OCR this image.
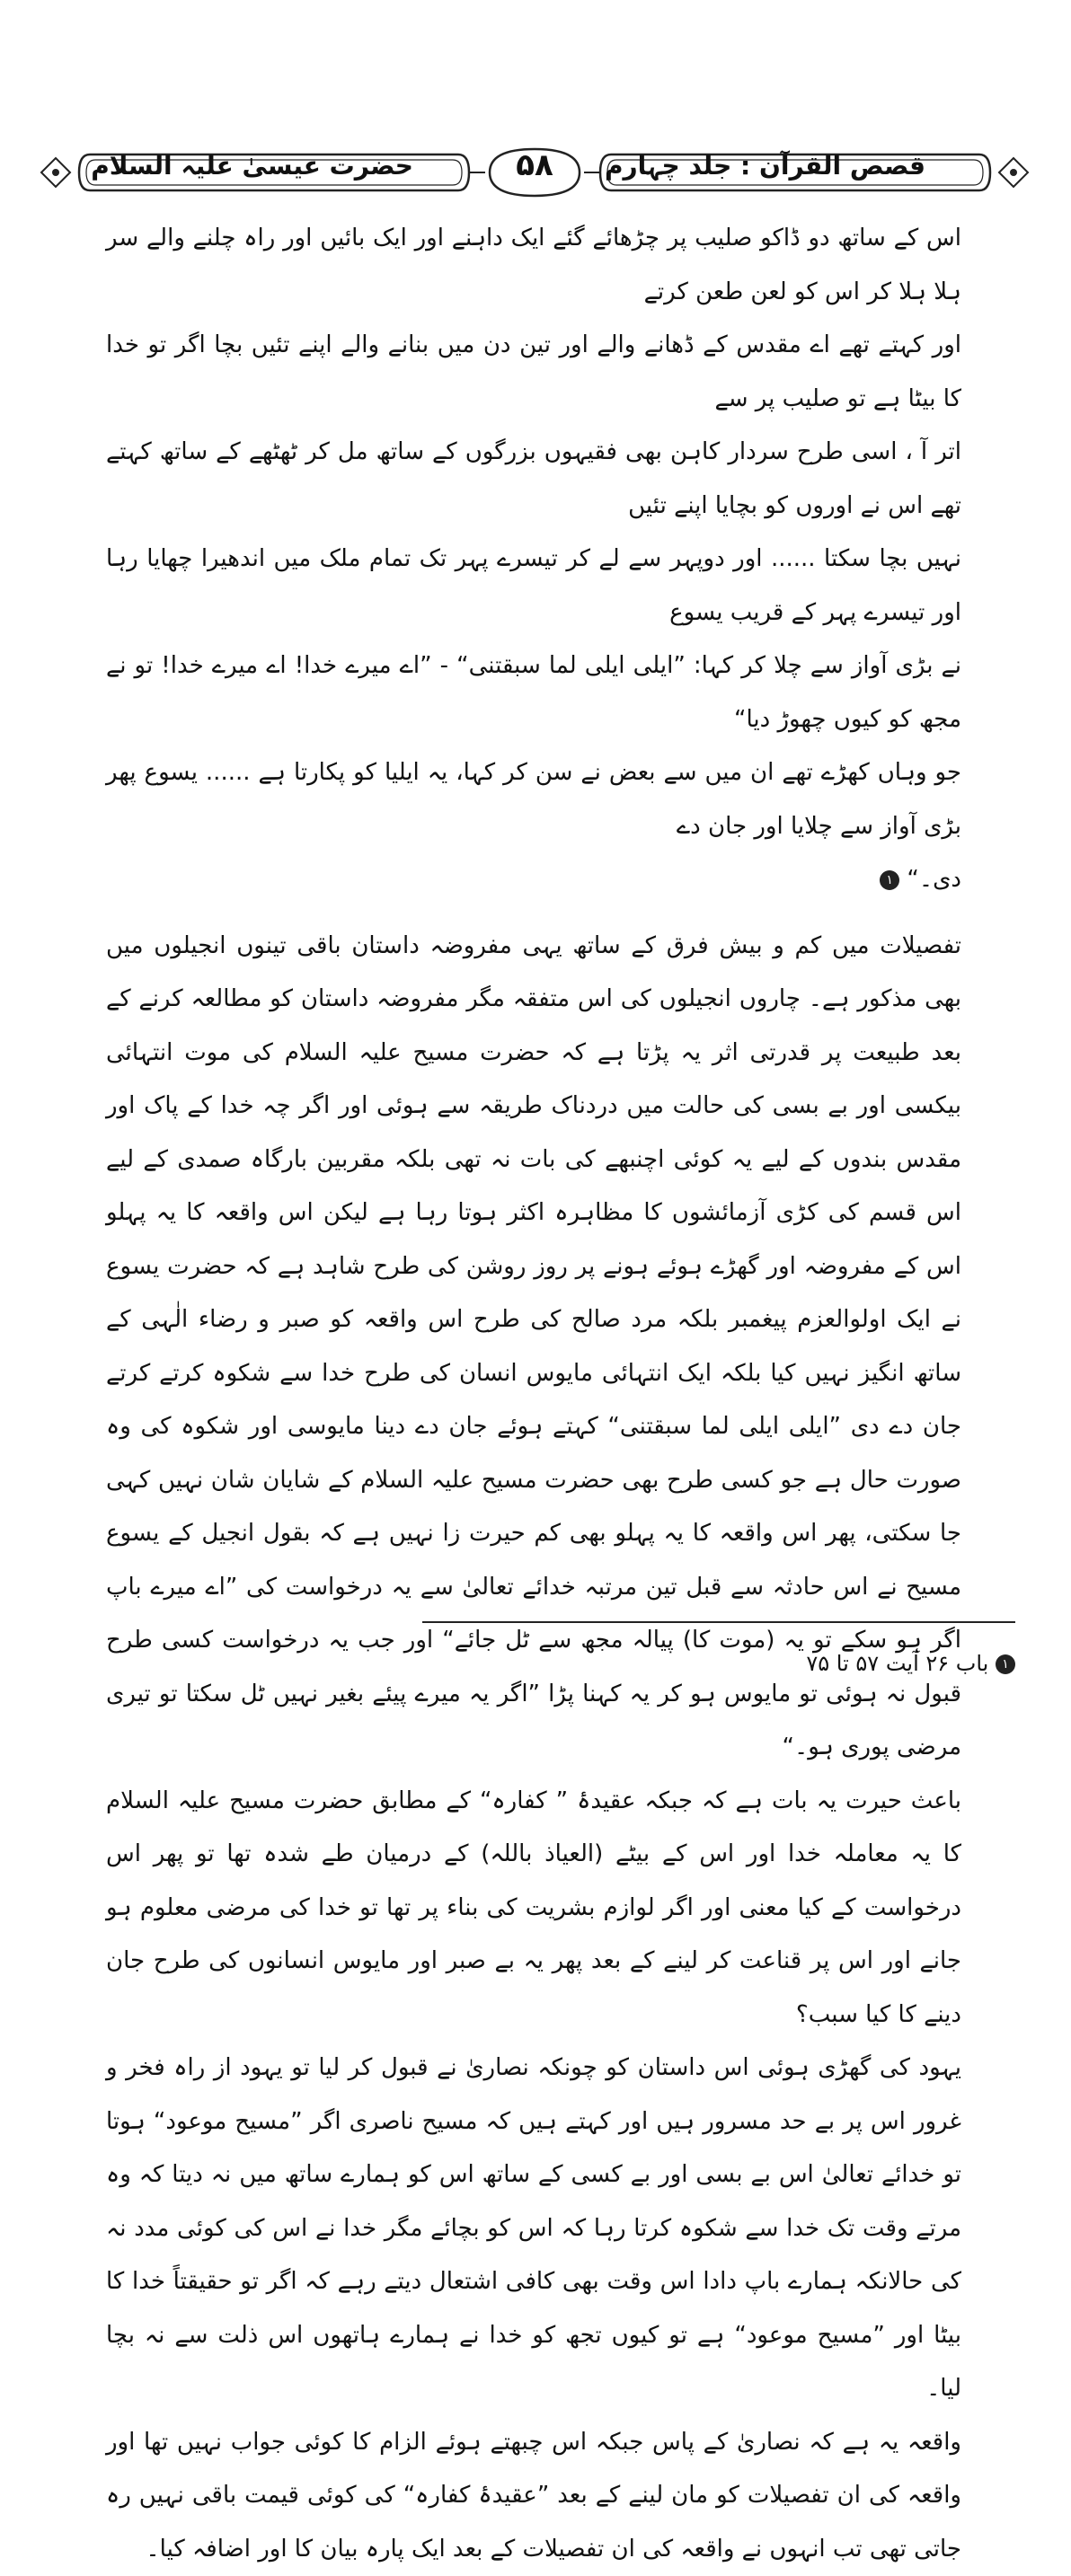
حضرت عیسیٰ علیہ السلام	۵۸	قصص القرآن : جلد چہارم

اس کے ساتھ دو ڈاکو صلیب پر چڑھائے گئے ایک داہنے اور ایک بائیں اور راہ چلنے والے سر ہلا ہلا کر اس کو لعن طعن کرتے

اور کہتے تھے اے مقدس کے ڈھانے والے اور تین دن میں بنانے والے اپنے تئیں بچا اگر تو خدا کا بیٹا ہے تو صلیب پر سے

اتر آ ، اسی طرح سردار کاہن بھی فقیہوں بزرگوں کے ساتھ مل کر ٹھٹھے کے ساتھ کہتے تھے اس نے اوروں کو بچایا اپنے تئیں

نہیں بچا سکتا ...... اور دوپہر سے لے کر تیسرے پہر تک تمام ملک میں اندھیرا چھایا رہا اور تیسرے پہر کے قریب یسوع

نے بڑی آواز سے چلا کر کہا: ”ایلی ایلی لما سبقتنی“ - ”اے میرے خدا! اے میرے خدا! تو نے مجھ کو کیوں چھوڑ دیا“

جو وہاں کھڑے تھے ان میں سے بعض نے سن کر کہا، یہ ایلیا کو پکارتا ہے ...... یسوع پھر بڑی آواز سے چلایا اور جان دے

دی۔“ ۱

تفصیلات میں کم و بیش فرق کے ساتھ یہی مفروضہ داستان باقی تینوں انجیلوں میں بھی مذکور ہے۔ چاروں انجیلوں کی اس متفقہ مگر مفروضہ داستان کو مطالعہ کرنے کے بعد طبیعت پر قدرتی اثر یہ پڑتا ہے کہ حضرت مسیح علیہ السلام کی موت انتہائی بیکسی اور بے بسی کی حالت میں دردناک طریقہ سے ہوئی اور اگر چہ خدا کے پاک اور مقدس بندوں کے لیے یہ کوئی اچنبھے کی بات نہ تھی بلکہ مقربین بارگاہ صمدی کے لیے اس قسم کی کڑی آزمائشوں کا مظاہرہ اکثر ہوتا رہا ہے لیکن اس واقعہ کا یہ پہلو اس کے مفروضہ اور گھڑے ہوئے ہونے پر روز روشن کی طرح شاہد ہے کہ حضرت یسوع نے ایک اولوالعزم پیغمبر بلکہ مرد صالح کی طرح اس واقعہ کو صبر و رضاء الٰہی کے ساتھ انگیز نہیں کیا بلکہ ایک انتہائی مایوس انسان کی طرح خدا سے شکوہ کرتے کرتے جان دے دی ”ایلی ایلی لما سبقتنی“ کہتے ہوئے جان دے دینا مایوسی اور شکوہ کی وہ صورت حال ہے جو کسی طرح بھی حضرت مسیح علیہ السلام کے شایان شان نہیں کہی جا سکتی، پھر اس واقعہ کا یہ پہلو بھی کم حیرت زا نہیں ہے کہ بقول انجیل کے یسوع مسیح نے اس حادثہ سے قبل تین مرتبہ خدائے تعالیٰ سے یہ درخواست کی ”اے میرے باپ اگر ہو سکے تو یہ (موت کا) پیالہ مجھ سے ٹل جائے“ اور جب یہ درخواست کسی طرح قبول نہ ہوئی تو مایوس ہو کر یہ کہنا پڑا ”اگر یہ میرے پیئے بغیر نہیں ٹل سکتا تو تیری مرضی پوری ہو۔“

باعث حیرت یہ بات ہے کہ جبکہ عقیدۂ ” کفارہ“ کے مطابق حضرت مسیح علیہ السلام کا یہ معاملہ خدا اور اس کے بیٹے (العیاذ باللہ) کے درمیان طے شدہ تھا تو پھر اس درخواست کے کیا معنی اور اگر لوازم بشریت کی بناء پر تھا تو خدا کی مرضی معلوم ہو جانے اور اس پر قناعت کر لینے کے بعد پھر یہ بے صبر اور مایوس انسانوں کی طرح جان دینے کا کیا سبب؟

یہود کی گھڑی ہوئی اس داستان کو چونکہ نصاریٰ نے قبول کر لیا تو یہود از راہ فخر و غرور اس پر بے حد مسرور ہیں اور کہتے ہیں کہ مسیح ناصری اگر ”مسیح موعود“ ہوتا تو خدائے تعالیٰ اس بے بسی اور بے کسی کے ساتھ اس کو ہمارے ساتھ میں نہ دیتا کہ وہ مرتے وقت تک خدا سے شکوہ کرتا رہا کہ اس کو بچائے مگر خدا نے اس کی کوئی مدد نہ کی حالانکہ ہمارے باپ دادا اس وقت بھی کافی اشتعال دیتے رہے کہ اگر تو حقیقتاً خدا کا بیٹا اور ”مسیح موعود“ ہے تو کیوں تجھ کو خدا نے ہمارے ہاتھوں اس ذلت سے نہ بچا لیا۔

واقعہ یہ ہے کہ نصاریٰ کے پاس جبکہ اس چبھتے ہوئے الزام کا کوئی جواب نہیں تھا اور واقعہ کی ان تفصیلات کو مان لینے کے بعد ”عقیدۂ کفارہ“ کی کوئی قیمت باقی نہیں رہ جاتی تھی تب انہوں نے واقعہ کی ان تفصیلات کے بعد ایک پارہ بیان کا اور اضافہ کیا۔

۱ باب ۲۶ آیت ۵۷ تا ۷۵
